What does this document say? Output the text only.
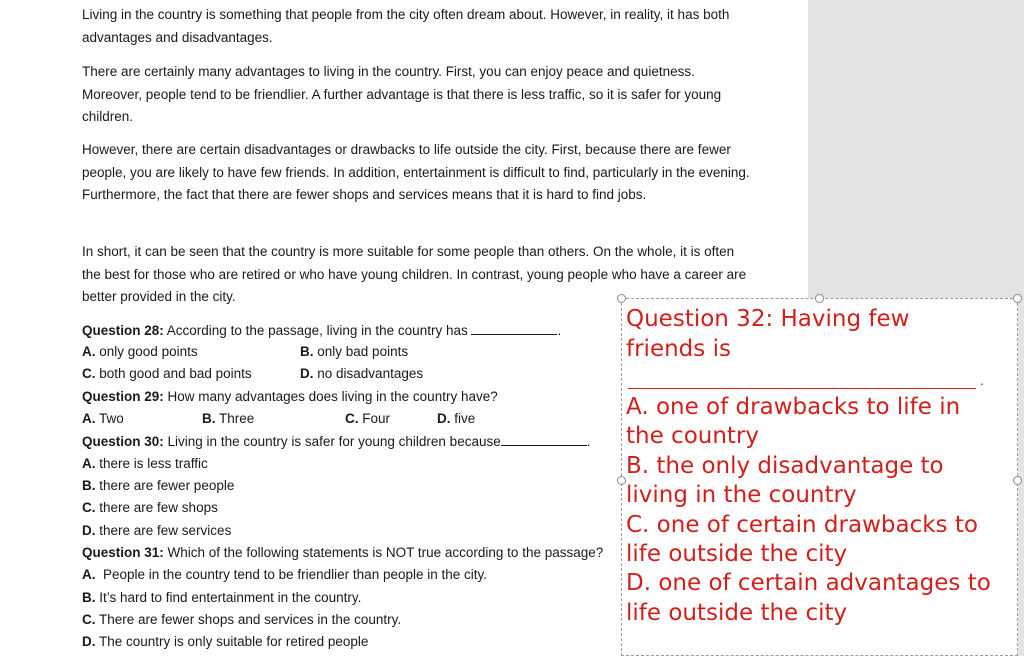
Living in the country is something that people from the city often dream about. However, in reality, it has both advantages and disadvantages.

There are certainly many advantages to living in the country. First, you can enjoy peace and quietness. Moreover, people tend to be friendlier. A further advantage is that there is less traffic, so it is safer for young children.

However, there are certain disadvantages or drawbacks to life outside the city. First, because there are fewer people, you are likely to have few friends. In addition, entertainment is difficult to find, particularly in the evening. Furthermore, the fact that there are fewer shops and services means that it is hard to find jobs.

In short, it can be seen that the country is more suitable for some people than others. On the whole, it is often the best for those who are retired or who have young children. In contrast, young people who have a career are better provided in the city.

Question 28: According to the passage, living in the country has	.
A. only good points	B. only bad points
C. both good and bad points	D. no disadvantages
Question 29: How many advantages does living in the country have?
A. Two	B. Three	C. Four	D. five
Question 30: Living in the country is safer for young children because	.
A. there is less traffic
B. there are fewer people
C. there are few shops
D. there are few services
Question 31: Which of the following statements is NOT true according to the passage?
A. People in the country tend to be friendlier than people in the city.
B. It’s hard to find entertainment in the country.
C. There are fewer shops and services in the country.
D. The country is only suitable for retired people

Question 32: Having few

friends is

.

A. one of drawbacks to life in

the country

B. the only disadvantage to

living in the country

C. one of certain drawbacks to

life outside the city

D. one of certain advantages to

life outside the city
